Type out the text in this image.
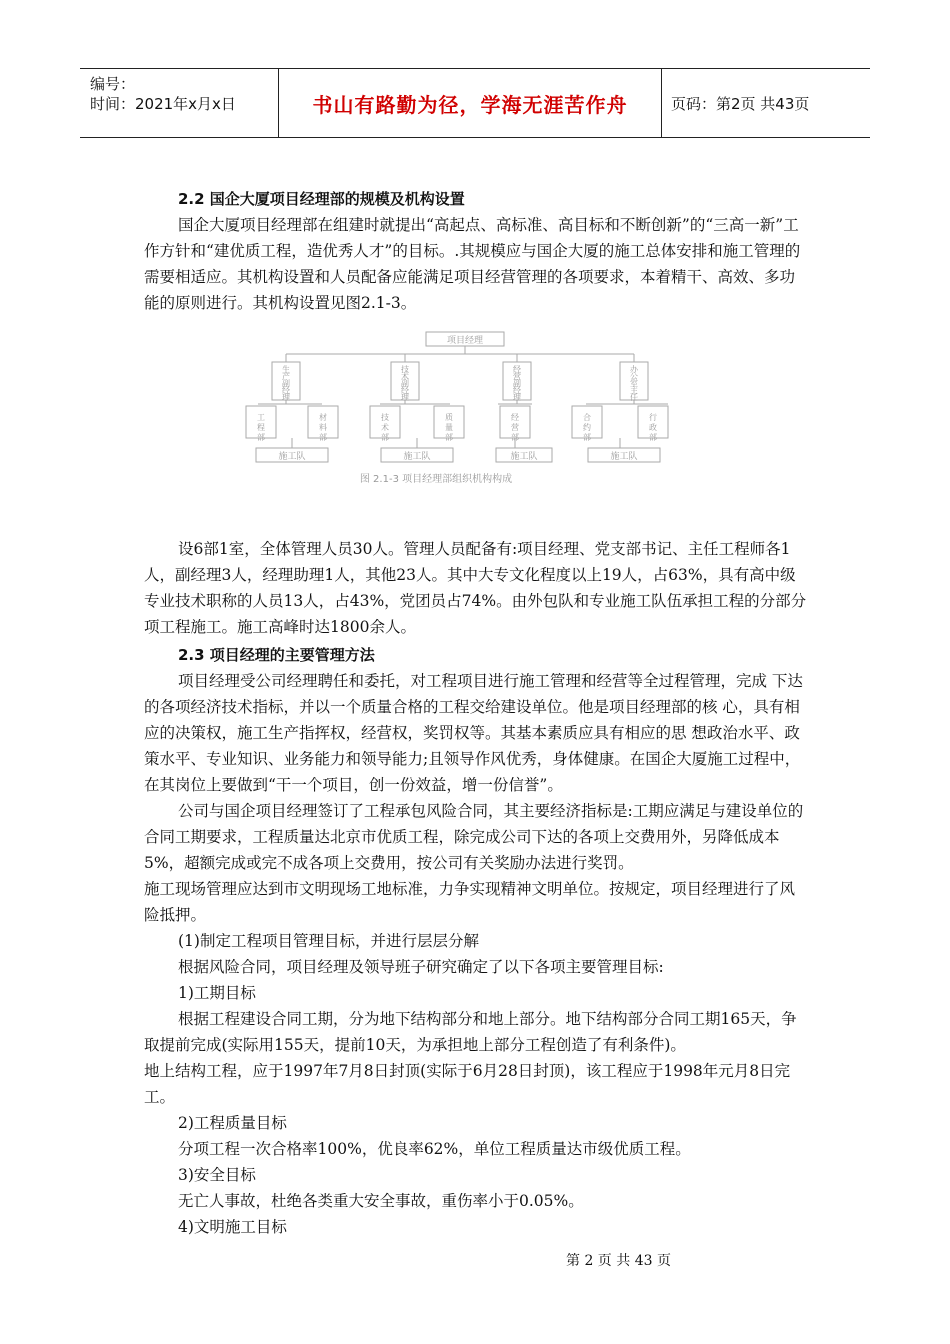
编号：
时间：2021年x月x日	书山有路勤为径，学海无涯苦作舟	页码：第2页 共43页

2.2 国企大厦项目经理部的规模及机构设置

国企大厦项目经理部在组建时就提出“高起点、高标准、高目标和不断创新”的“三高一新”工作方针和“建优质工程，造优秀人才”的目标。.其规模应与国企大厦的施工总体安排和施工管理的需要相适应。其机构设置和人员配备应能满足项目经营管理的各项要求，本着精干、高效、多功能的原则进行。其机构设置见图2.1-3。

项目经理
施工队	施工队	施工队	施工队
图 2.1-3 项目经理部组织机构构成
生
产
副
经
理
技
术
副
经
理
经
营
副
经
理
办
公
室
主
任
工
程
部
材
料
部
技
术
部
质
量
部
经
营
部
合
约
部
行
政
部

设6部1室，全体管理人员30人。管理人员配备有:项目经理、党支部书记、主任工程师各1人，副经理3人，经理助理1人，其他23人。其中大专文化程度以上19人，占63%，具有高中级专业技术职称的人员13人，占43%，党团员占74%。由外包队和专业施工队伍承担工程的分部分项工程施工。施工高峰时达1800余人。

2.3 项目经理的主要管理方法

项目经理受公司经理聘任和委托，对工程项目进行施工管理和经营等全过程管理，完成 下达的各项经济技术指标，并以一个质量合格的工程交给建设单位。他是项目经理部的核 心，具有相应的决策权，施工生产指挥权，经营权，奖罚权等。其基本素质应具有相应的思 想政治水平、政策水平、专业知识、业务能力和领导能力;且领导作风优秀，身体健康。在国企大厦施工过程中，在其岗位上要做到“干一个项目，创一份效益，增一份信誉”。

公司与国企项目经理签订了工程承包风险合同，其主要经济指标是:工期应满足与建设单位的合同工期要求，工程质量达北京市优质工程，除完成公司下达的各项上交费用外，另降低成本5%，超额完成或完不成各项上交费用，按公司有关奖励办法进行奖罚。

施工现场管理应达到市文明现场工地标准，力争实现精神文明单位。按规定，项目经理进行了风险抵押。

(1)制定工程项目管理目标，并进行层层分解

根据风险合同，项目经理及领导班子研究确定了以下各项主要管理目标:

1)工期目标

根据工程建设合同工期，分为地下结构部分和地上部分。地下结构部分合同工期165天，争取提前完成(实际用155天，提前10天，为承担地上部分工程创造了有利条件)。

地上结构工程，应于1997年7月8日封顶(实际于6月28日封顶)，该工程应于1998年元月8日完工。

2)工程质量目标

分项工程一次合格率100%，优良率62%，单位工程质量达市级优质工程。

3)安全目标

无亡人事故，杜绝各类重大安全事故，重伤率小于0.05%。

4)文明施工目标

第 2 页 共 43 页
